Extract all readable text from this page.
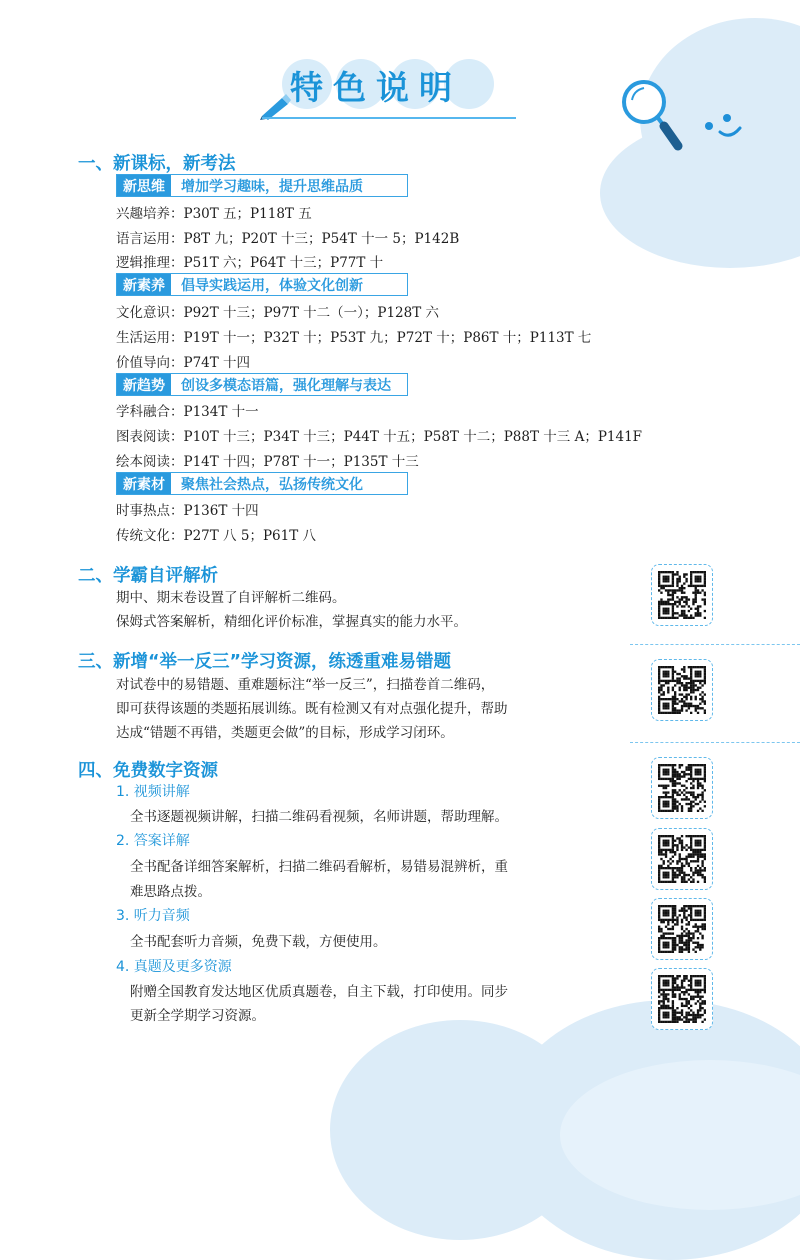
特色说明
一、新课标，新考法
新思维	增加学习趣味，提升思维品质
兴趣培养：P30T 五；P118T 五
语言运用：P8T 九；P20T 十三；P54T 十一 5；P142B
逻辑推理：P51T 六；P64T 十三；P77T 十
新素养	倡导实践运用，体验文化创新
文化意识：P92T 十三；P97T 十二（一）；P128T 六
生活运用：P19T 十一；P32T 十；P53T 九；P72T 十；P86T 十；P113T 七
价值导向：P74T 十四
新趋势	创设多模态语篇，强化理解与表达
学科融合：P134T 十一
图表阅读：P10T 十三；P34T 十三；P44T 十五；P58T 十二；P88T 十三 A；P141F
绘本阅读：P14T 十四；P78T 十一；P135T 十三
新素材	聚焦社会热点，弘扬传统文化
时事热点：P136T 十四
传统文化：P27T 八 5；P61T 八
二、学霸自评解析
期中、期末卷设置了自评解析二维码。
保姆式答案解析，精细化评价标准，掌握真实的能力水平。
三、新增“举一反三”学习资源，练透重难易错题
对试卷中的易错题、重难题标注“举一反三”，扫描卷首二维码，
即可获得该题的类题拓展训练。既有检测又有对点强化提升，帮助
达成“错题不再错，类题更会做”的目标，形成学习闭环。
四、免费数字资源
1. 视频讲解
全书逐题视频讲解，扫描二维码看视频，名师讲题，帮助理解。
2. 答案详解
全书配备详细答案解析，扫描二维码看解析，易错易混辨析，重
难思路点拨。
3. 听力音频
全书配套听力音频，免费下载，方便使用。
4. 真题及更多资源
附赠全国教育发达地区优质真题卷，自主下载，打印使用。同步
更新全学期学习资源。
